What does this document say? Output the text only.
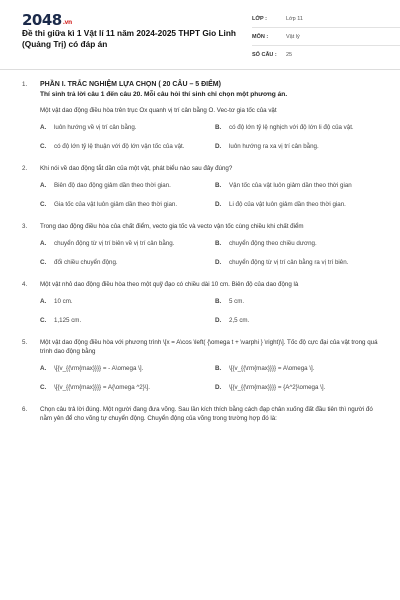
2048.vn
Đề thi giữa kì 1 Vật lí 11 năm 2024-2025 THPT Gio Linh (Quảng Trị) có đáp án
LỚP :	Lớp 11
MÔN :	Vật lý
SỐ CÂU :	25
1.	PHẦN I. TRẮC NGHIỆM LỰA CHỌN ( 20 CÂU – 5 ĐIỂM)
Thí sinh trả lời câu 1 đến câu 20. Mỗi câu hỏi thí sinh chỉ chọn một phương án.
Một vật dao động điều hòa trên trục Ox quanh vị trí cân bằng O. Vec-tơ gia tốc của vật
A.	luôn hướng về vị trí cân bằng.	B.	có độ lớn tỷ lệ nghịch với độ lớn li độ của vật.
C.	có độ lớn tỷ lệ thuận với độ lớn vận tốc của vật.	D.	luôn hướng ra xa vị trí cân bằng.
2.	Khi nói về dao động tắt dần của một vật, phát biểu nào sau đây đúng?
A.	Biên độ dao động giảm dần theo thời gian.	B.	Vận tốc của vật luôn giảm dần theo thời gian
C.	Gia tốc của vật luôn giảm dần theo thời gian.	D.	Li độ của vật luôn giảm dần theo thời gian.
3.	Trong dao động điều hòa của chất điểm, vecto gia tốc và vecto vận tốc cùng chiều khi chất điểm
A.	chuyển động từ vị trí biên về vị trí cân bằng.	B.	chuyển động theo chiều dương.
C.	đổi chiều chuyển động.	D.	chuyển động từ vị trí cân bằng ra vị trí biên.
4.	Một vật nhỏ dao động điều hòa theo một quỹ đạo có chiều dài 10 cm. Biên độ của dao động là
A.	10 cm.	B.	5 cm.
C.	1,125 cm.	D.	2,5 cm.
5.	Một vật dao động điều hòa với phương trình \[x = A\cos \left( {\omega t + \varphi } \right)\]. Tốc độ cực đại của vật trong quá trình dao động bằng
A.	\[{v_{{\rm{max}}}} = - A\omega \].	B.	\[{v_{{\rm{max}}}} = A\omega \].
C.	\[{v_{{\rm{max}}}} = A{\omega ^2}\].	D.	\[{v_{{\rm{max}}}} = {A^2}\omega \].
6.	Chọn câu trả lời đúng. Một người đang đưa võng. Sau lần kích thích bằng cách đạp chân xuống đất đầu tiên thì người đó nằm yên để cho võng tự chuyển động. Chuyển động của võng trong trường hợp đó là:
